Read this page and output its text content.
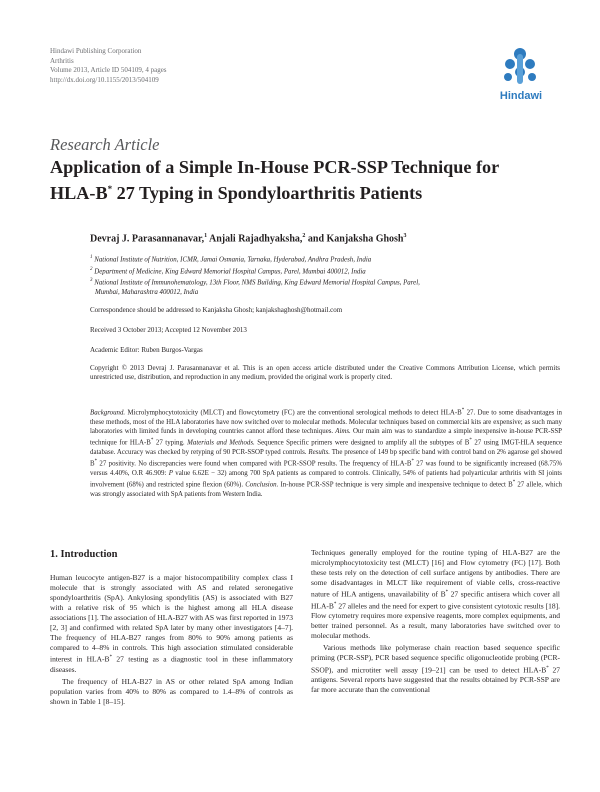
Hindawi Publishing Corporation
Arthritis
Volume 2013, Article ID 504109, 4 pages
http://dx.doi.org/10.1155/2013/504109
Hindawi
Research Article
Application of a Simple In-House PCR-SSP Technique for
HLA-B* 27 Typing in Spondyloarthritis Patients
Devraj J. Parasannanavar,$^1$ Anjali Rajadhyaksha,$^2$ and Kanjaksha Ghosh$^3$
$^1$ National Institute of Nutrition, ICMR, Jamai Osmania, Tarnaka, Hyderabad, Andhra Pradesh, India
$^2$ Department of Medicine, King Edward Memorial Hospital Campus, Parel, Mumbai 400012, India
$^3$ National Institute of Immunohematology, 13th Floor, NMS Building, King Edward Memorial Hospital Campus, Parel,
Mumbai, Maharashtra 400012, India
Correspondence should be addressed to Kanjaksha Ghosh; kanjakshaghosh@hotmail.com
Received 3 October 2013; Accepted 12 November 2013
Academic Editor: Ruben Burgos-Vargas
Copyright © 2013 Devraj J. Parasannanavar et al. This is an open access article distributed under the Creative Commons Attribution License, which permits unrestricted use, distribution, and reproduction in any medium, provided the original work is properly cited.
Background. Microlymphocytotoxicity (MLCT) and flowcytometry (FC) are the conventional serological methods to detect HLA-B* 27. Due to some disadvantages in these methods, most of the HLA laboratories have now switched over to molecular methods. Molecular techniques based on commercial kits are expensive; as such many laboratories with limited funds in developing countries cannot afford these techniques. Aims. Our main aim was to standardize a simple inexpensive in-house PCR-SSP technique for HLA-B* 27 typing. Materials and Methods. Sequence Specific primers were designed to amplify all the subtypes of B* 27 using IMGT-HLA sequence database. Accuracy was checked by retyping of 90 PCR-SSOP typed controls. Results. The presence of 149 bp specific band with control band on 2% agarose gel showed B* 27 positivity. No discrepancies were found when compared with PCR-SSOP results. The frequency of HLA-B* 27 was found to be significantly increased (68.75% versus 4.40%, O.R 46.909: P value 6.62E − 32) among 700 SpA patients as compared to controls. Clinically, 54% of patients had polyarticular arthritis with SI joints involvement (68%) and restricted spine flexion (60%). Conclusion. In-house PCR-SSP technique is very simple and inexpensive technique to detect B* 27 allele, which was strongly associated with SpA patients from Western India.
1. Introduction

Human leucocyte antigen-B27 is a major histocompatibility complex class I molecule that is strongly associated with AS and related seronegative spondyloarthritis (SpA). Ankylosing spondylitis (AS) is associated with B27 with a relative risk of 95 which is the highest among all HLA disease associations [1]. The association of HLA-B27 with AS was first reported in 1973 [2, 3] and confirmed with related SpA later by many other investigators [4–7]. The frequency of HLA-B27 ranges from 80% to 90% among patients as compared to 4–8% in controls. This high association stimulated considerable interest in HLA-B* 27 testing as a diagnostic tool in these inflammatory diseases.

The frequency of HLA-B27 in AS or other related SpA among Indian population varies from 40% to 80% as compared to 1.4–8% of controls as shown in Table 1 [8–15].

Techniques generally employed for the routine typing of HLA-B27 are the microlymphocytotoxicity test (MLCT) [16] and Flow cytometry (FC) [17]. Both these tests rely on the detection of cell surface antigens by antibodies. There are some disadvantages in MLCT like requirement of viable cells, cross-reactive nature of HLA antigens, unavailability of B* 27 specific antisera which cover all HLA-B* 27 alleles and the need for expert to give consistent cytotoxic results [18]. Flow cytometry requires more expensive reagents, more complex equipments, and better trained personnel. As a result, many laboratories have switched over to molecular methods.

Various methods like polymerase chain reaction based sequence specific priming (PCR-SSP), PCR based sequence specific oligonucleotide probing (PCR-SSOP), and microtiter well assay [19–21] can be used to detect HLA-B* 27 antigens. Several reports have suggested that the results obtained by PCR-SSP are far more accurate than the conventional
